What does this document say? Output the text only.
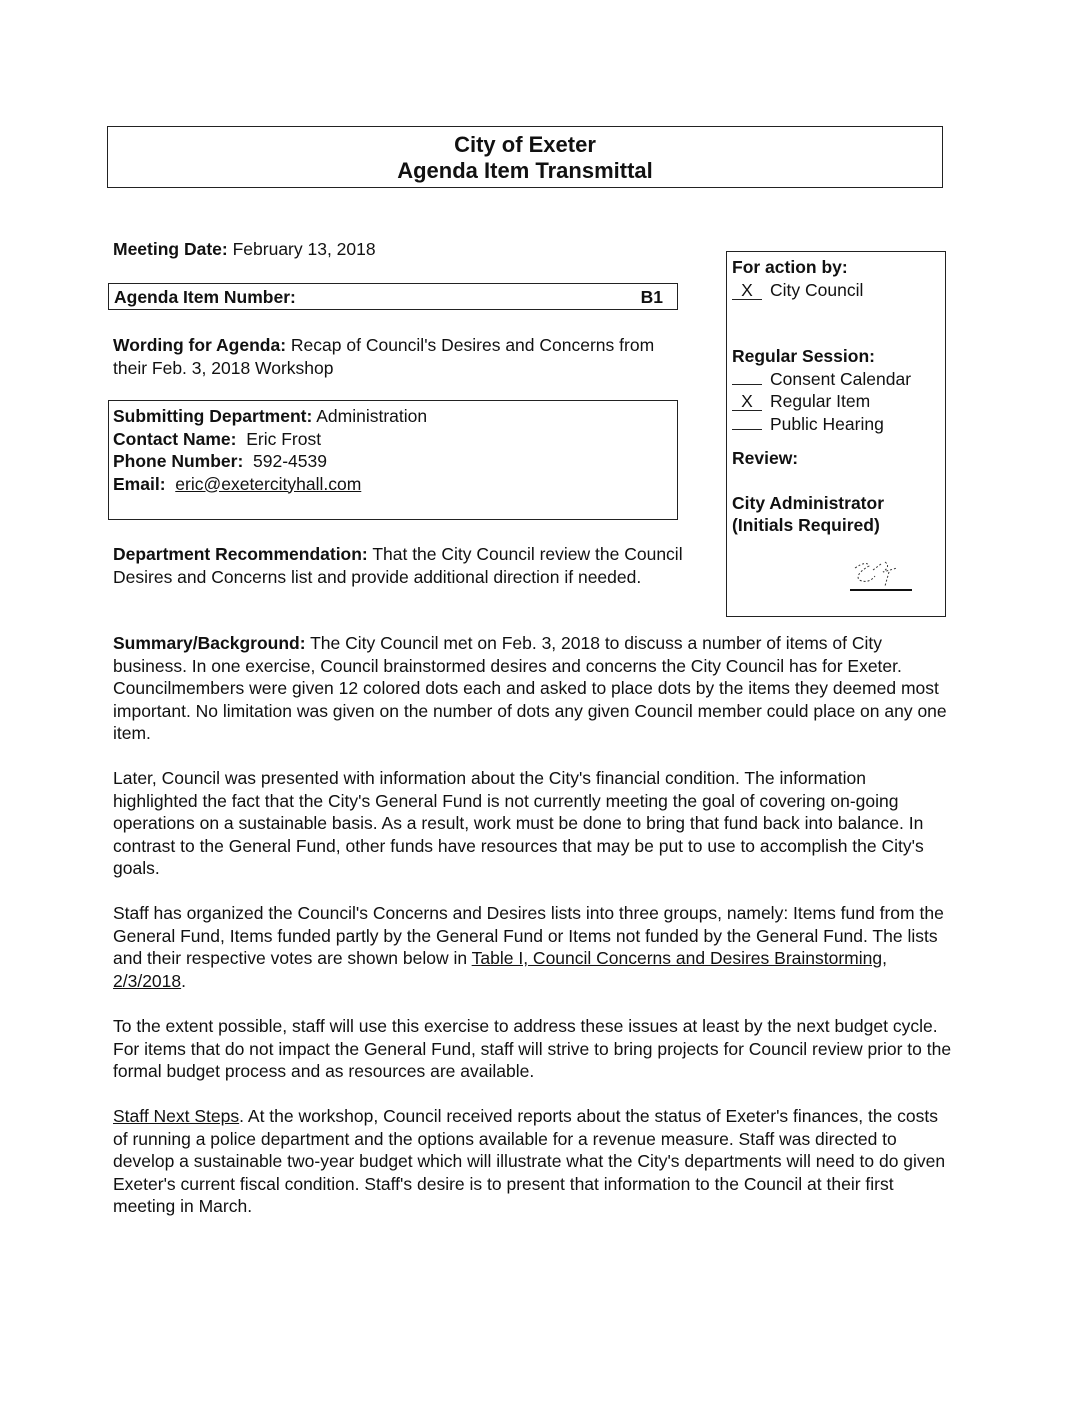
City of Exeter
Agenda Item Transmittal
Meeting Date: February 13, 2018
Agenda Item Number:	B1
Wording for Agenda: Recap of Council's Desires and Concerns from their Feb. 3, 2018 Workshop
Submitting Department: Administration
Contact Name: Eric Frost
Phone Number: 592-4539
Email: eric@exetercityhall.com
Department Recommendation: That the City Council review the Council Desires and Concerns list and provide additional direction if needed.
For action by:
X City Council
Regular Session:
Consent Calendar
X Regular Item
Public Hearing
Review:
City Administrator
(Initials Required)
Summary/Background: The City Council met on Feb. 3, 2018 to discuss a number of items of City business. In one exercise, Council brainstormed desires and concerns the City Council has for Exeter. Councilmembers were given 12 colored dots each and asked to place dots by the items they deemed most important. No limitation was given on the number of dots any given Council member could place on any one item.
Later, Council was presented with information about the City's financial condition. The information highlighted the fact that the City's General Fund is not currently meeting the goal of covering on-going operations on a sustainable basis. As a result, work must be done to bring that fund back into balance. In contrast to the General Fund, other funds have resources that may be put to use to accomplish the City's goals.
Staff has organized the Council's Concerns and Desires lists into three groups, namely: Items fund from the General Fund, Items funded partly by the General Fund or Items not funded by the General Fund. The lists and their respective votes are shown below in Table I, Council Concerns and Desires Brainstorming, 2/3/2018.
To the extent possible, staff will use this exercise to address these issues at least by the next budget cycle. For items that do not impact the General Fund, staff will strive to bring projects for Council review prior to the formal budget process and as resources are available.
Staff Next Steps. At the workshop, Council received reports about the status of Exeter's finances, the costs of running a police department and the options available for a revenue measure. Staff was directed to develop a sustainable two-year budget which will illustrate what the City's departments will need to do given Exeter's current fiscal condition. Staff's desire is to present that information to the Council at their first meeting in March.
